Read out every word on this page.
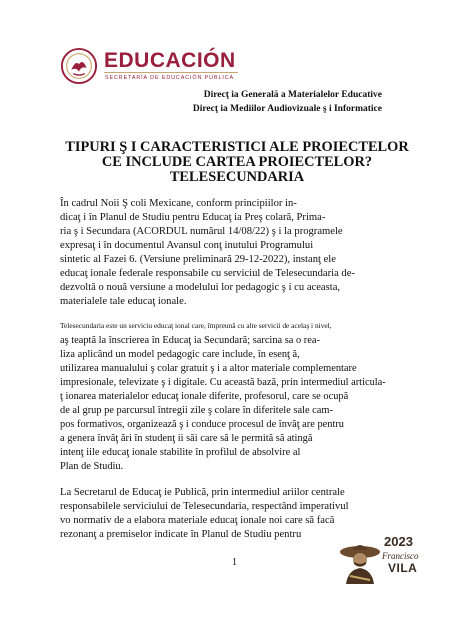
EDUCACIÓN
SECRETARÍA DE EDUCACIÓN PÚBLICA
Direcţ ia Generală a Materialelor Educative
Direcţ ia Mediilor Audiovizuale ş i Informatice
TIPURI Ş I CARACTERISTICI ALE PROIECTELOR
CE INCLUDE CARTEA PROIECTELOR?
TELESECUNDARIA
În cadrul Noii Ş coli Mexicane, conform principiilor in-
dicaţ i în Planul de Studiu pentru Educaţ ia Preş colară, Prima-
ria ş i Secundara (ACORDUL numărul 14/08/22) ş i la programele
expresaţ i în documentul Avansul conţ inutului Programului
sintetic al Fazei 6. (Versiune preliminară 29-12-2022), instanţ ele
educaţ ionale federale responsabile cu serviciul de Telesecundaria de-
dezvoltă o nouă versiune a modelului lor pedagogic ş i cu aceasta,
materialele tale educaţ ionale.
Telesecundaria este un serviciu educaţ ional care, împreună cu alte servicii de acelaş i nivel,
aş teaptă la înscrierea în Educaţ ia Secundară; sarcina sa o rea-
liza aplicând un model pedagogic care include, în esenţ ă,
utilizarea manualului ş colar gratuit ş i a altor materiale complementare
impresionale, televizate ş i digitale. Cu această bază, prin intermediul articula-
ţ ionarea materialelor educaţ ionale diferite, profesorul, care se ocupă
de al grup pe parcursul întregii zile ş colare în diferitele sale cam-
pos formativos, organizează ş i conduce procesul de învăţ are pentru
a genera învăţ ări în studenţ ii săi care să le permită să atingă
intenţ iile educaţ ionale stabilite în profilul de absolvire al
Plan de Studiu.
La Secretarul de Educaţ ie Publică, prin intermediul ariilor centrale
responsabilele serviciului de Telesecundaria, respectând imperativul
vo normativ de a elabora materiale educaţ ionale noi care să facă
rezonanţ a premiselor indicate în Planul de Studiu pentru
1
2023
Francisco
VILA
